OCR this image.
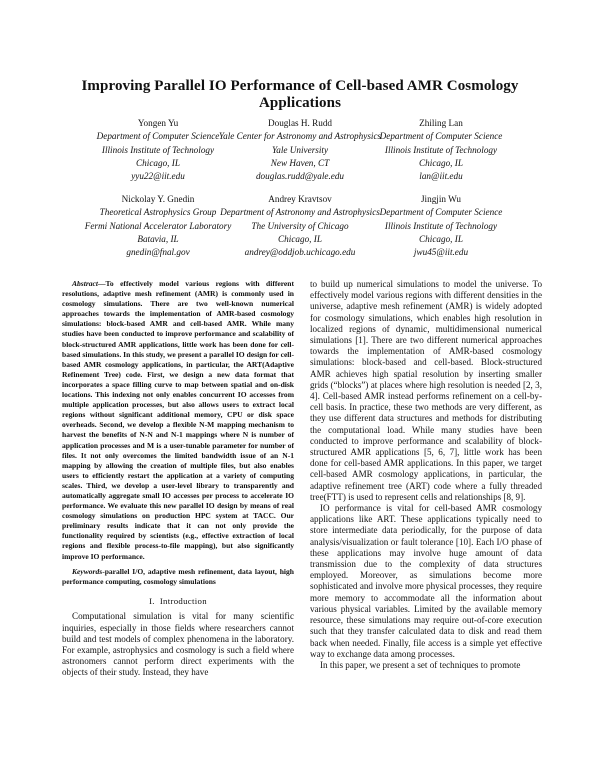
Improving Parallel IO Performance of Cell-based AMR Cosmology Applications
Yongen Yu
Department of Computer Science
Illinois Institute of Technology
Chicago, IL
yyu22@iit.edu
Douglas H. Rudd
Yale Center for Astronomy and Astrophysics
Yale University
New Haven, CT
douglas.rudd@yale.edu
Zhiling Lan
Department of Computer Science
Illinois Institute of Technology
Chicago, IL
lan@iit.edu
Nickolay Y. Gnedin
Theoretical Astrophysics Group
Fermi National Accelerator Laboratory
Batavia, IL
gnedin@fnal.gov
Andrey Kravtsov
Department of Astronomy and Astrophysics
The University of Chicago
Chicago, IL
andrey@oddjob.uchicago.edu
Jingjin Wu
Department of Computer Science
Illinois Institute of Technology
Chicago, IL
jwu45@iit.edu

Abstract—To effectively model various regions with different resolutions, adaptive mesh refinement (AMR) is commonly used in cosmology simulations. There are two well-known numerical approaches towards the implementation of AMR-based cosmology simulations: block-based AMR and cell-based AMR. While many studies have been conducted to improve performance and scalability of block-structured AMR applications, little work has been done for cell-based simulations. In this study, we present a parallel IO design for cell-based AMR cosmology applications, in particular, the ART(Adaptive Refinement Tree) code. First, we design a new data format that incorporates a space filling curve to map between spatial and on-disk locations. This indexing not only enables concurrent IO accesses from multiple application processes, but also allows users to extract local regions without significant additional memory, CPU or disk space overheads. Second, we develop a flexible N-M mapping mechanism to harvest the benefits of N-N and N-1 mappings where N is number of application processes and M is a user-tunable parameter for number of files. It not only overcomes the limited bandwidth issue of an N-1 mapping by allowing the creation of multiple files, but also enables users to efficiently restart the application at a variety of computing scales. Third, we develop a user-level library to transparently and automatically aggregate small IO accesses per process to accelerate IO performance. We evaluate this new parallel IO design by means of real cosmology simulations on production HPC system at TACC. Our preliminary results indicate that it can not only provide the functionality required by scientists (e.g., effective extraction of local regions and flexible process-to-file mapping), but also significantly improve IO performance.

Keywords-parallel I/O, adaptive mesh refinement, data layout, high performance computing, cosmology simulations

I. Introduction

Computational simulation is vital for many scientific inquiries, especially in those fields where researchers cannot build and test models of complex phenomena in the laboratory. For example, astrophysics and cosmology is such a field where astronomers cannot perform direct experiments with the objects of their study. Instead, they have

to build up numerical simulations to model the universe. To effectively model various regions with different densities in the universe, adaptive mesh refinement (AMR) is widely adopted for cosmology simulations, which enables high resolution in localized regions of dynamic, multidimensional numerical simulations [1]. There are two different numerical approaches towards the implementation of AMR-based cosmology simulations: block-based and cell-based. Block-structured AMR achieves high spatial resolution by inserting smaller grids (“blocks”) at places where high resolution is needed [2, 3, 4]. Cell-based AMR instead performs refinement on a cell-by-cell basis. In practice, these two methods are very different, as they use different data structures and methods for distributing the computational load. While many studies have been conducted to improve performance and scalability of block-structured AMR applications [5, 6, 7], little work has been done for cell-based AMR applications. In this paper, we target cell-based AMR cosmology applications, in particular, the adaptive refinement tree (ART) code where a fully threaded tree(FTT) is used to represent cells and relationships [8, 9].

IO performance is vital for cell-based AMR cosmology applications like ART. These applications typically need to store intermediate data periodically, for the purpose of data analysis/visualization or fault tolerance [10]. Each I/O phase of these applications may involve huge amount of data transmission due to the complexity of data structures employed. Moreover, as simulations become more sophisticated and involve more physical processes, they require more memory to accommodate all the information about various physical variables. Limited by the available memory resource, these simulations may require out-of-core execution such that they transfer calculated data to disk and read them back when needed. Finally, file access is a simple yet effective way to exchange data among processes.

In this paper, we present a set of techniques to promote
